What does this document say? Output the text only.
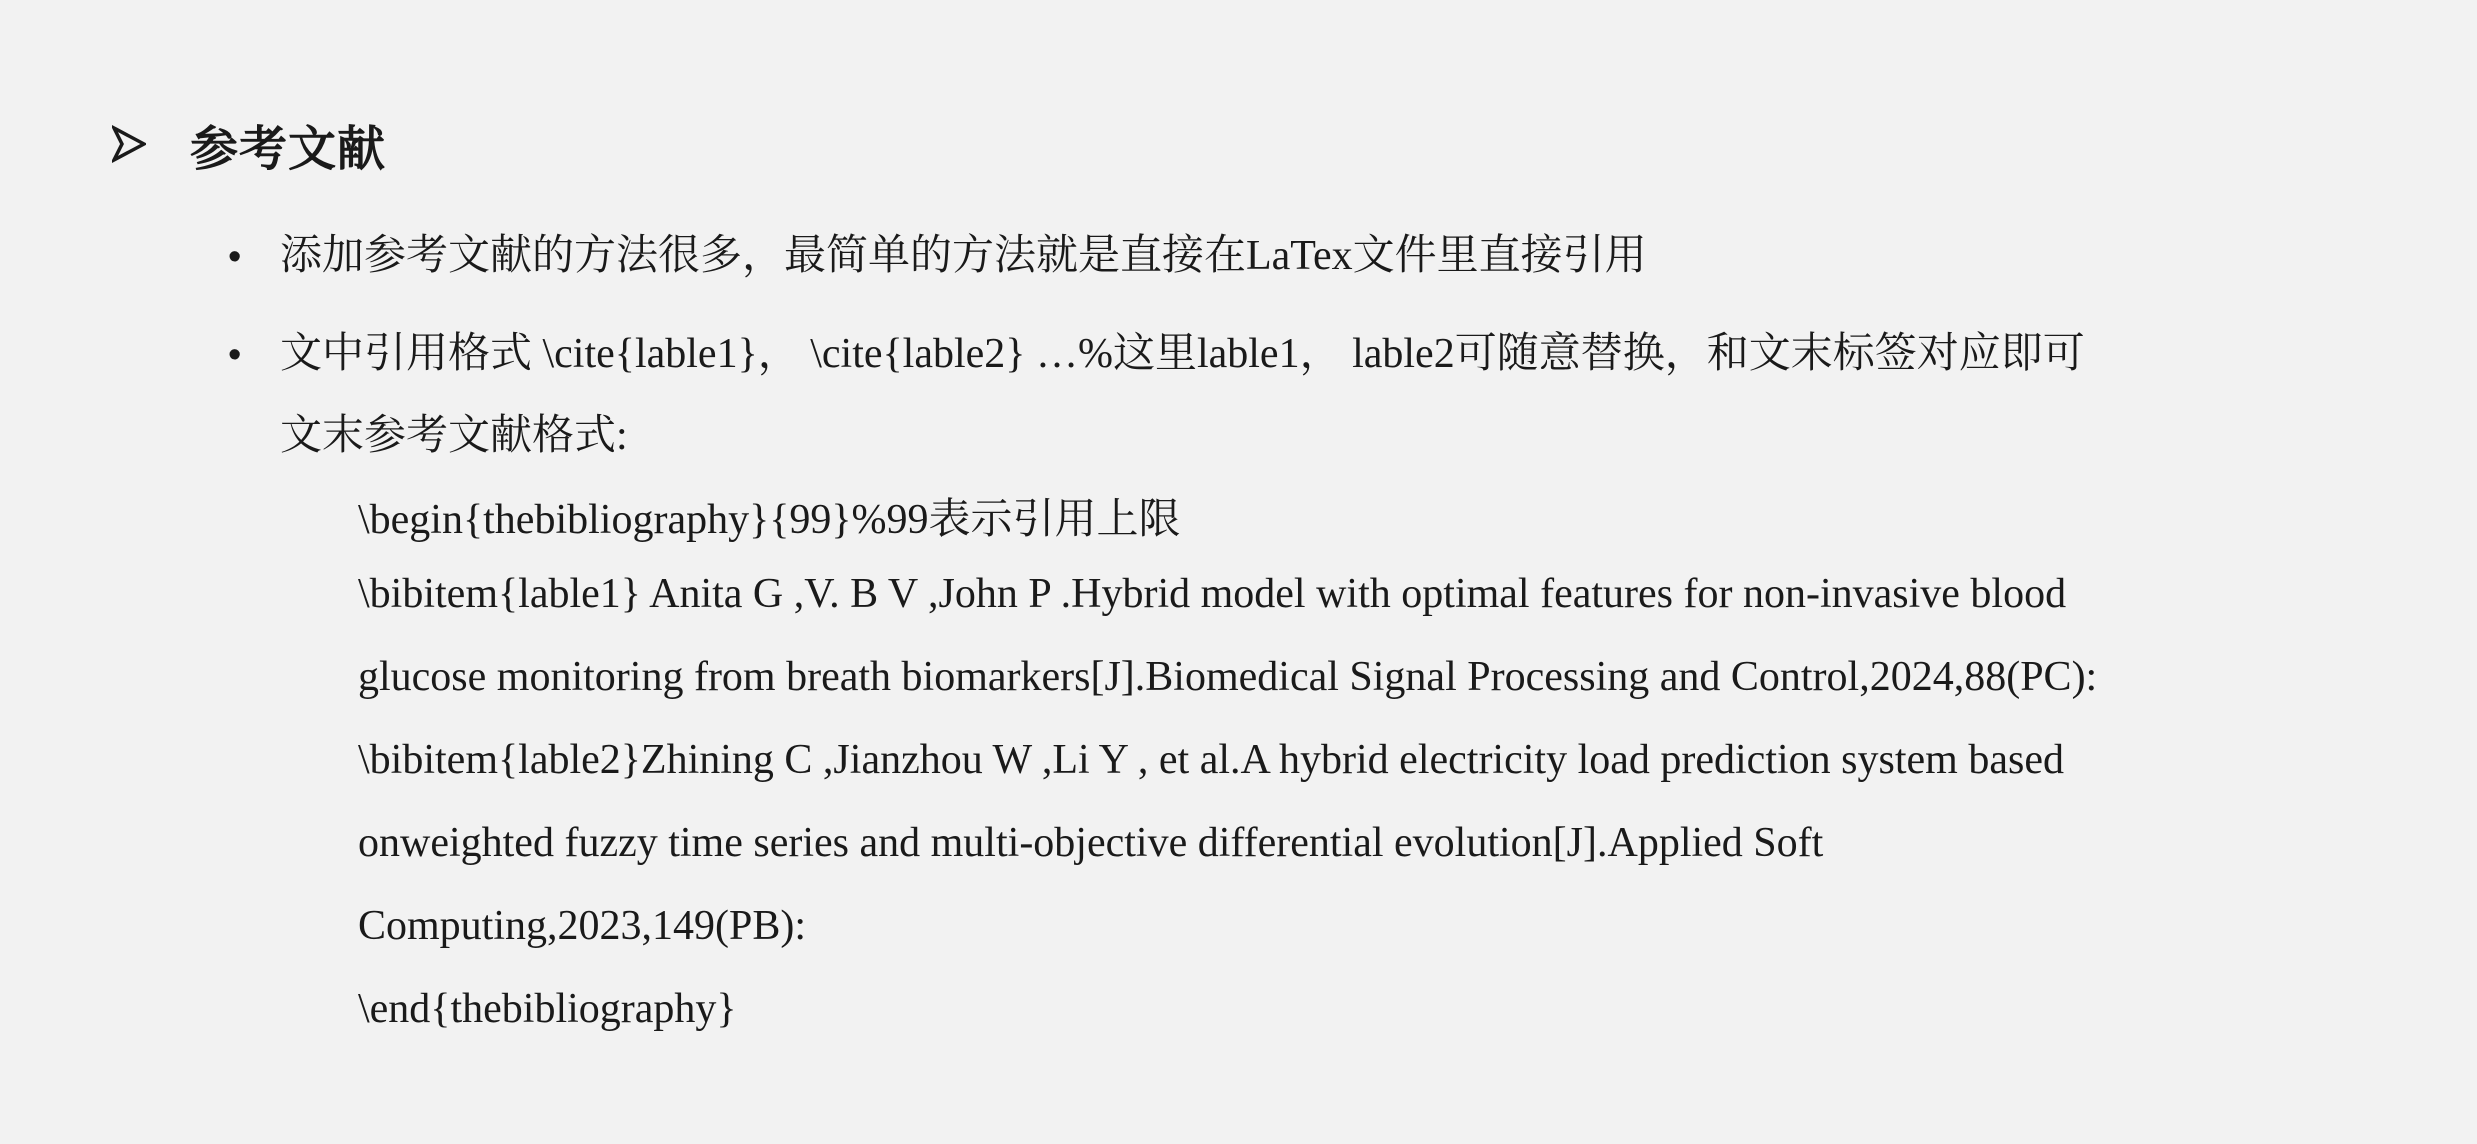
参考文献
• 添加参考文献的方法很多，最简单的方法就是直接在LaTex文件里直接引用
• 文中引用格式 \cite{lable1}， \cite{lable2} …%这里lable1， lable2可随意替换，和文末标签对应即可
文末参考文献格式:
\begin{thebibliography}{99}%99表示引用上限
\bibitem{lable1} Anita G ,V. B V ,John P .Hybrid model with optimal features for non-invasive blood
glucose monitoring from breath biomarkers[J].Biomedical Signal Processing and Control,2024,88(PC):
\bibitem{lable2}Zhining C ,Jianzhou W ,Li Y , et al.A hybrid electricity load prediction system based
onweighted fuzzy time series and multi-objective differential evolution[J].Applied Soft
Computing,2023,149(PB):
\end{thebibliography}
